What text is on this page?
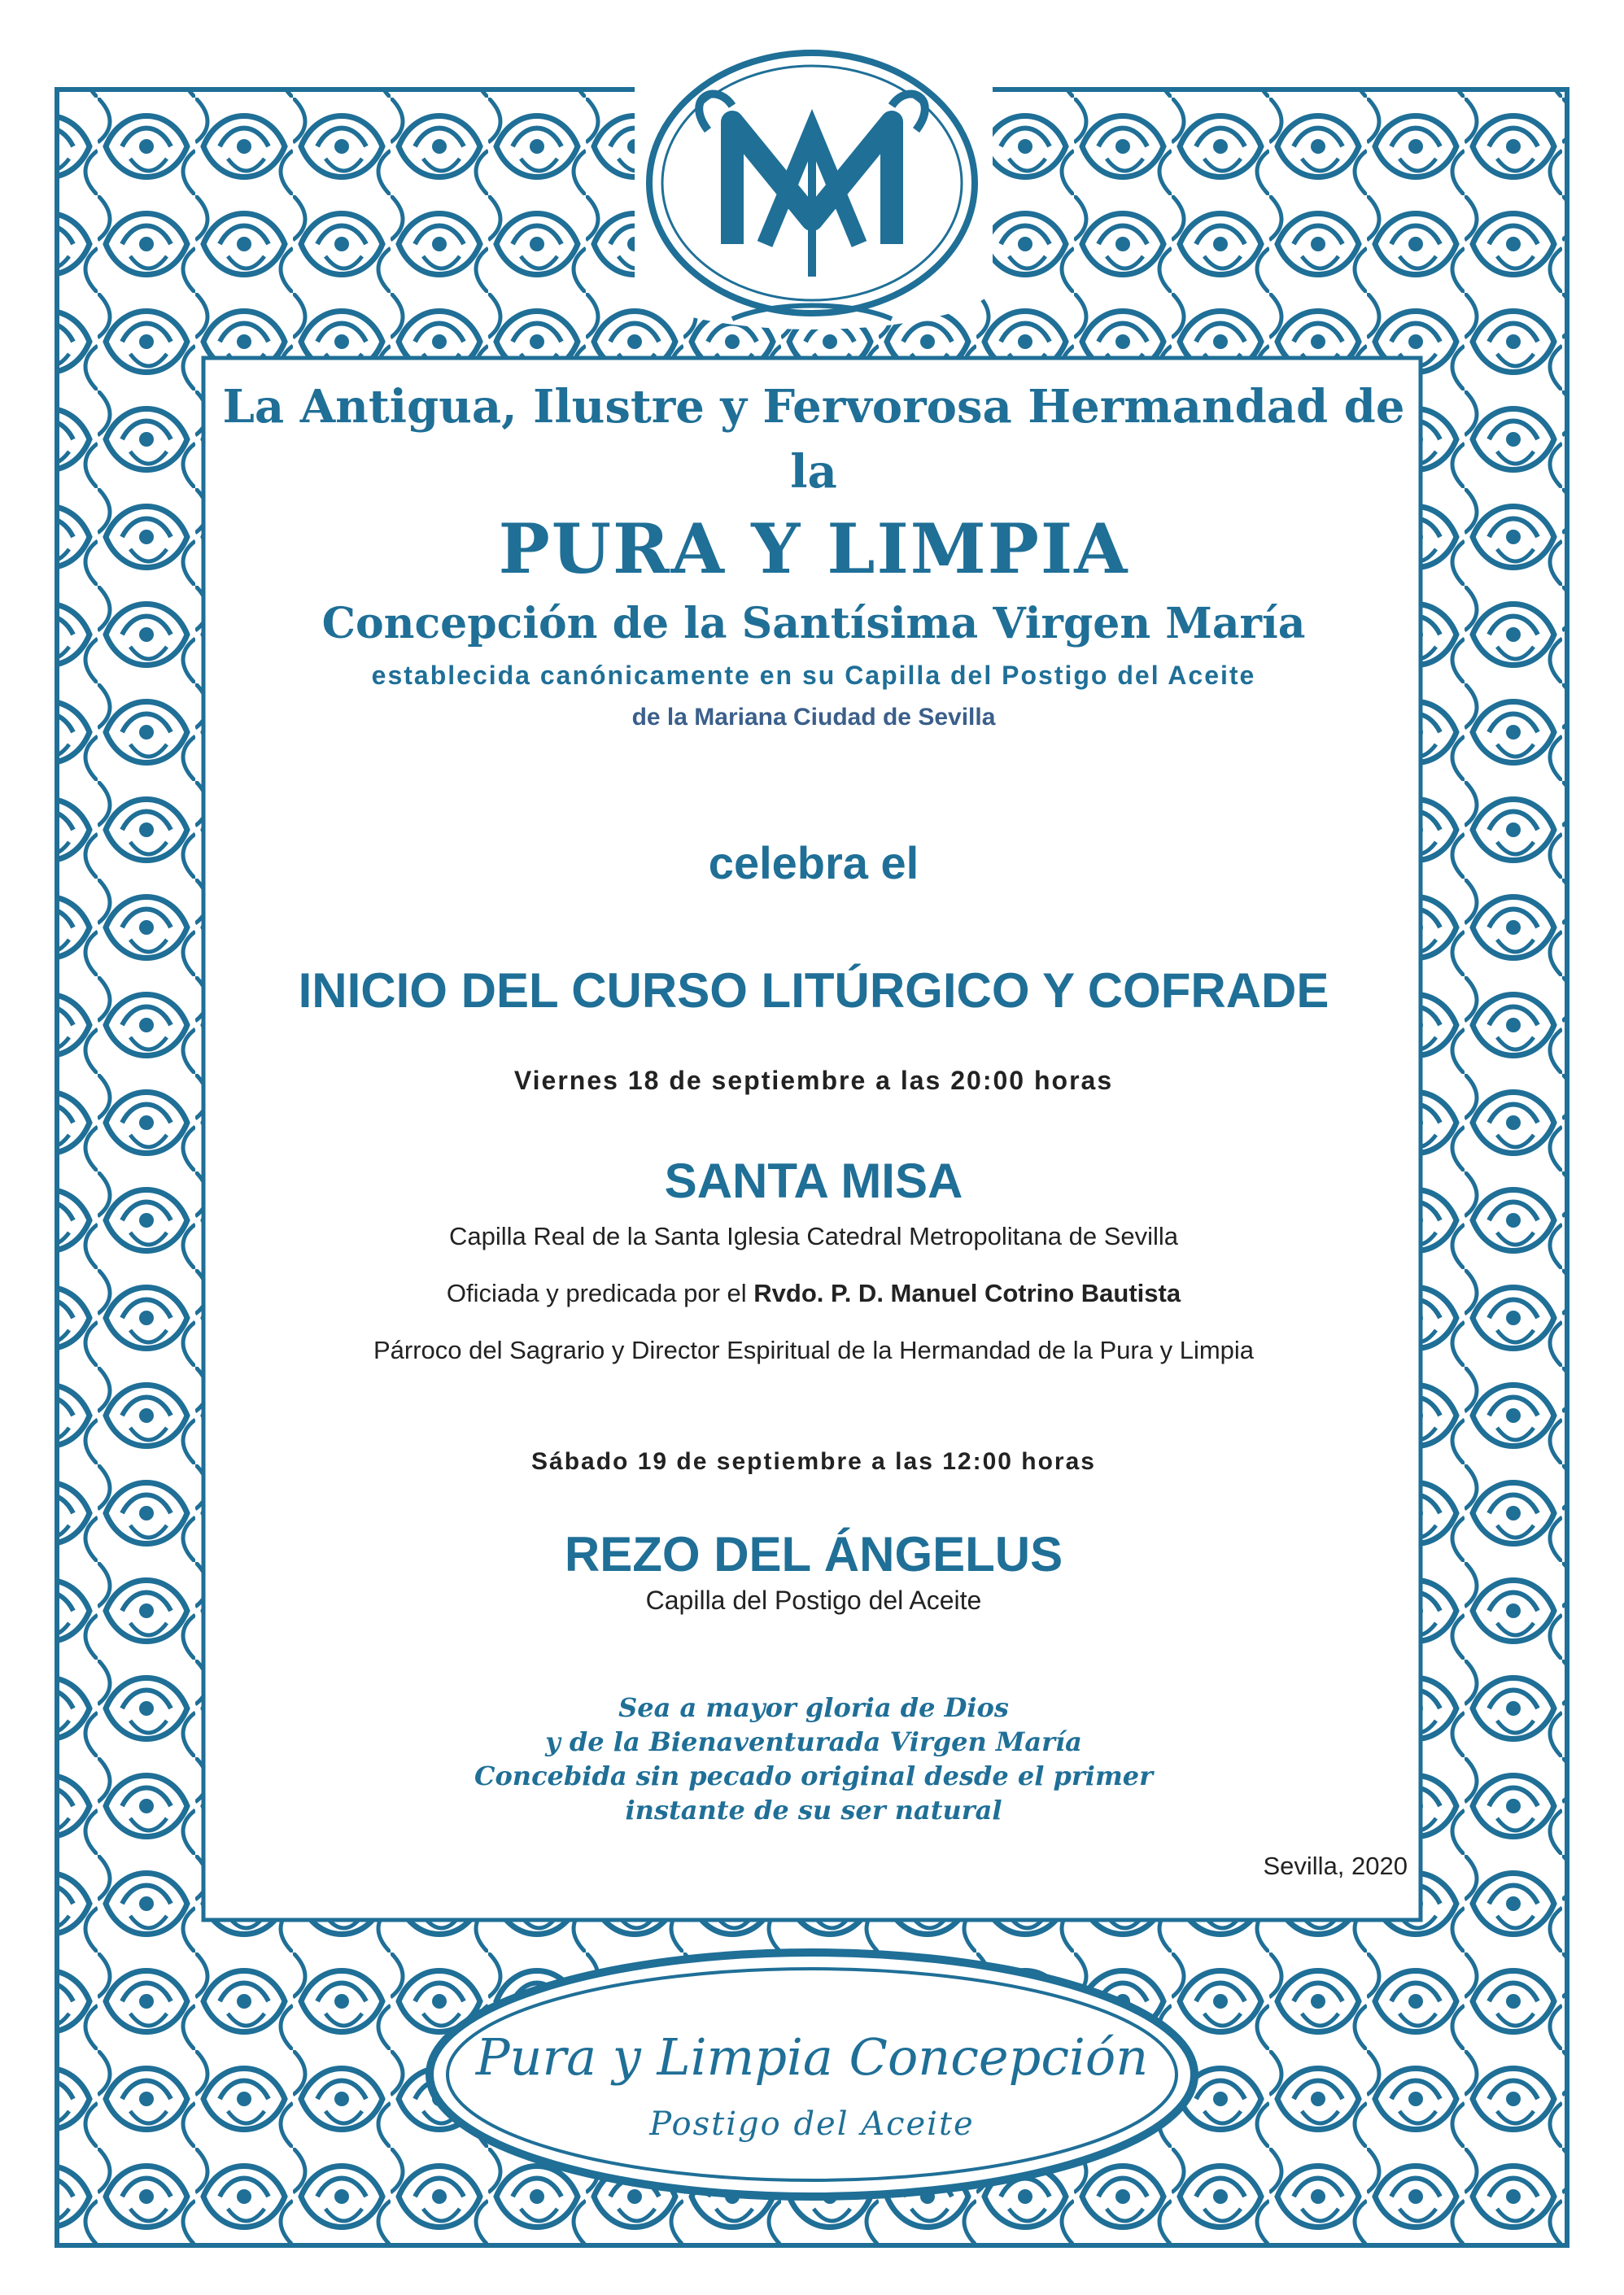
La Antigua, Ilustre y Fervorosa Hermandad de la

PURA Y LIMPIA

Concepción de la Santísima Virgen María

establecida canónicamente en su Capilla del Postigo del Aceite

de la Mariana Ciudad de Sevilla

celebra el

INICIO DEL CURSO LITÚRGICO Y COFRADE

Viernes 18 de septiembre a las 20:00 horas

SANTA MISA

Capilla Real de la Santa Iglesia Catedral Metropolitana de Sevilla

Oficiada y predicada por el Rvdo. P. D. Manuel Cotrino Bautista

Párroco del Sagrario y Director Espiritual de la Hermandad de la Pura y Limpia

Sábado 19 de septiembre a las 12:00 horas

REZO DEL ÁNGELUS

Capilla del Postigo del Aceite

Sea a mayor gloria de Dios

y de la Bienaventurada Virgen María

Concebida sin pecado original desde el primer

instante de su ser natural

Sevilla, 2020

Pura y Limpia Concepción

Postigo del Aceite
